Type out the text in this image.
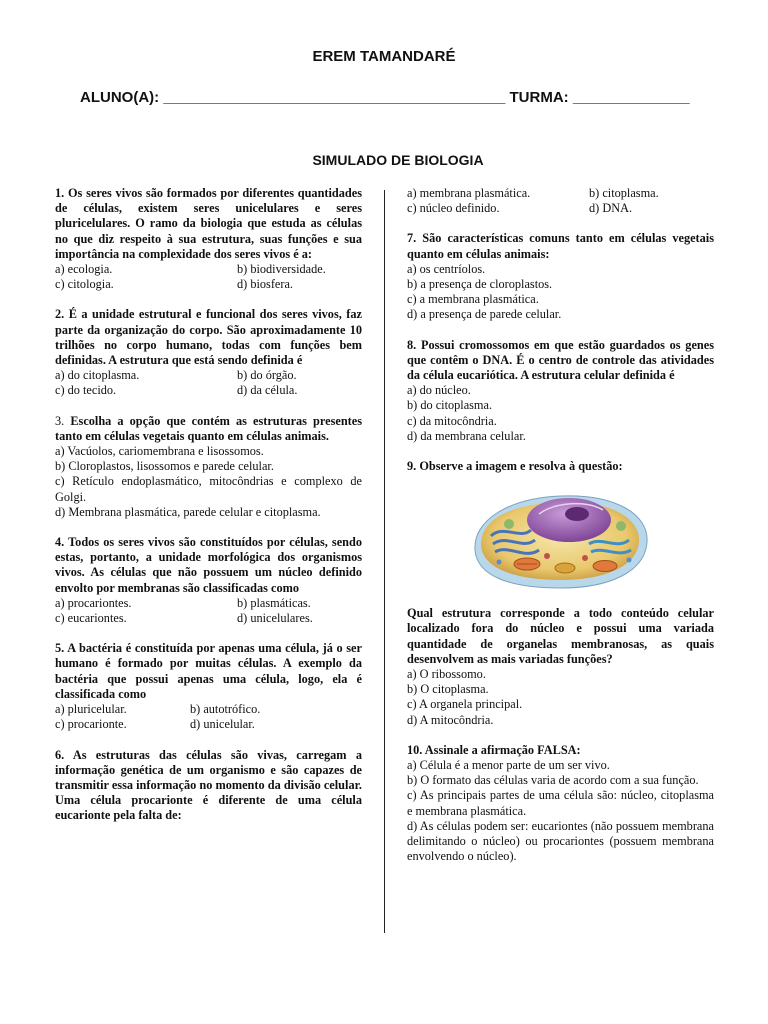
EREM TAMANDARÉ
ALUNO(A): _________________________________________ TURMA: ______________
SIMULADO DE BIOLOGIA
1. Os seres vivos são formados por diferentes quantidades de células, existem seres unicelulares e seres pluricelulares. O ramo da biologia que estuda as células no que diz respeito à sua estrutura, suas funções e sua importância na complexidade dos seres vivos é a:
a) ecologia.	b) biodiversidade.
c) citologia.	d) biosfera.
2. É a unidade estrutural e funcional dos seres vivos, faz parte da organização do corpo. São aproximadamente 10 trilhões no corpo humano, todas com funções bem definidas. A estrutura que está sendo definida é
a) do citoplasma.	b) do órgão.
c) do tecido.	d) da célula.
3. Escolha a opção que contém as estruturas presentes tanto em células vegetais quanto em células animais.
a) Vacúolos, cariomembrana e lisossomos.
b) Cloroplastos, lisossomos e parede celular.
c) Retículo endoplasmático, mitocôndrias e complexo de Golgi.
d) Membrana plasmática, parede celular e citoplasma.
4. Todos os seres vivos são constituídos por células, sendo estas, portanto, a unidade morfológica dos organismos vivos. As células que não possuem um núcleo definido envolto por membranas são classificadas como
a) procariontes.	b) plasmáticas.
c) eucariontes.	d) unicelulares.
5. A bactéria é constituída por apenas uma célula, já o ser humano é formado por muitas células. A exemplo da bactéria que possui apenas uma célula, logo, ela é classificada como
a) pluricelular.	b) autotrófico.
c) procarionte.	d) unicelular.
6. As estruturas das células são vivas, carregam a informação genética de um organismo e são capazes de transmitir essa informação no momento da divisão celular. Uma célula procarionte é diferente de uma célula eucarionte pela falta de:
a) membrana plasmática.	b) citoplasma.
c) núcleo definido.	d) DNA.
7. São características comuns tanto em células vegetais quanto em células animais:
a) os centríolos.
b) a presença de cloroplastos.
c) a membrana plasmática.
d) a presença de parede celular.
8. Possui cromossomos em que estão guardados os genes que contêm o DNA. É o centro de controle das atividades da célula eucariótica. A estrutura celular definida é
a) do núcleo.
b) do citoplasma.
c) da mitocôndria.
d) da membrana celular.
9. Observe a imagem e resolva à questão:
Qual estrutura corresponde a todo conteúdo celular localizado fora do núcleo e possui uma variada quantidade de organelas membranosas, as quais desenvolvem as mais variadas funções?
a) O ribossomo.
b) O citoplasma.
c) A organela principal.
d) A mitocôndria.
10. Assinale a afirmação FALSA:
a) Célula é a menor parte de um ser vivo.
b) O formato das células varia de acordo com a sua função.
c) As principais partes de uma célula são: núcleo, citoplasma e membrana plasmática.
d) As células podem ser: eucariontes (não possuem membrana delimitando o núcleo) ou procariontes (possuem membrana envolvendo o núcleo).
